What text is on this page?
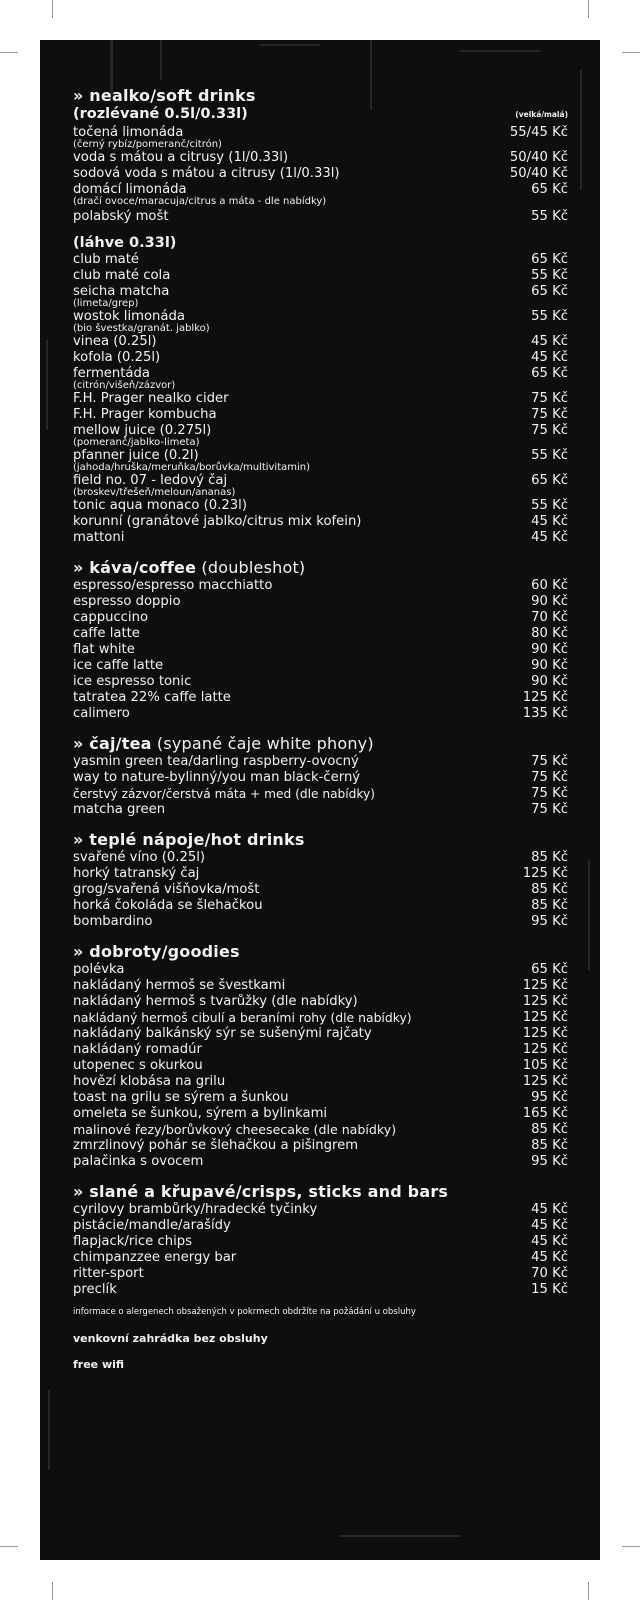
» nealko/soft drinks
(rozlévané 0.5l/0.33l)	(velká/malá)
točená limonáda	55/45 Kč
(černý rybíz/pomeranč/citrón)
voda s mátou a citrusy (1l/0.33l)	50/40 Kč
sodová voda s mátou a citrusy (1l/0.33l)	50/40 Kč
domácí limonáda	65 Kč
(dračí ovoce/maracuja/citrus a máta - dle nabídky)
polabský mošt	55 Kč
(láhve 0.33l)
club maté	65 Kč
club maté cola	55 Kč
seicha matcha	65 Kč
(limeta/grep)
wostok limonáda	55 Kč
(bio švestka/granát. jablko)
vinea (0.25l)	45 Kč
kofola (0.25l)	45 Kč
fermentáda	65 Kč
(citrón/višeň/zázvor)
F.H. Prager nealko cider	75 Kč
F.H. Prager kombucha	75 Kč
mellow juice (0.275l)	75 Kč
(pomeranč/jablko-limeta)
pfanner juice (0.2l)	55 Kč
(jahoda/hruška/meruňka/borůvka/multivitamin)
field no. 07 - ledový čaj	65 Kč
(broskev/třešeň/meloun/ananas)
tonic aqua monaco (0.23l)	55 Kč
korunní (granátové jablko/citrus mix kofein)	45 Kč
mattoni	45 Kč
» káva/coffee (doubleshot)
espresso/espresso macchiatto	60 Kč
espresso doppio	90 Kč
cappuccino	70 Kč
caffe latte	80 Kč
flat white	90 Kč
ice caffe latte	90 Kč
ice espresso tonic	90 Kč
tatratea 22% caffe latte	125 Kč
calimero	135 Kč
» čaj/tea (sypané čaje white phony)
yasmin green tea/darling raspberry-ovocný	75 Kč
way to nature-bylinný/you man black-černý	75 Kč
čerstvý zázvor/čerstvá máta + med (dle nabídky)	75 Kč
matcha green	75 Kč
» teplé nápoje/hot drinks
svařené víno (0.25l)	85 Kč
horký tatranský čaj	125 Kč
grog/svařená višňovka/mošt	85 Kč
horká čokoláda se šlehačkou	85 Kč
bombardino	95 Kč
» dobroty/goodies
polévka	65 Kč
nakládaný hermoš se švestkami	125 Kč
nakládaný hermoš s tvarůžky (dle nabídky)	125 Kč
nakládaný hermoš cibulí a beraními rohy (dle nabídky)	125 Kč
nakládaný balkánský sýr se sušenými rajčaty	125 Kč
nakládaný romadúr	125 Kč
utopenec s okurkou	105 Kč
hovězí klobása na grilu	125 Kč
toast na grilu se sýrem a šunkou	95 Kč
omeleta se šunkou, sýrem a bylinkami	165 Kč
malinové řezy/borůvkový cheesecake (dle nabídky)	85 Kč
zmrzlinový pohár se šlehačkou a pišingrem	85 Kč
palačinka s ovocem	95 Kč
» slané a křupavé/crisps, sticks and bars
cyrilovy brambůrky/hradecké tyčinky	45 Kč
pistácie/mandle/arašídy	45 Kč
flapjack/rice chips	45 Kč
chimpanzzee energy bar	45 Kč
ritter-sport	70 Kč
preclík	15 Kč
informace o alergenech obsažených v pokrmech obdržíte na požádání u obsluhy
venkovní zahrádka bez obsluhy
free wifi
